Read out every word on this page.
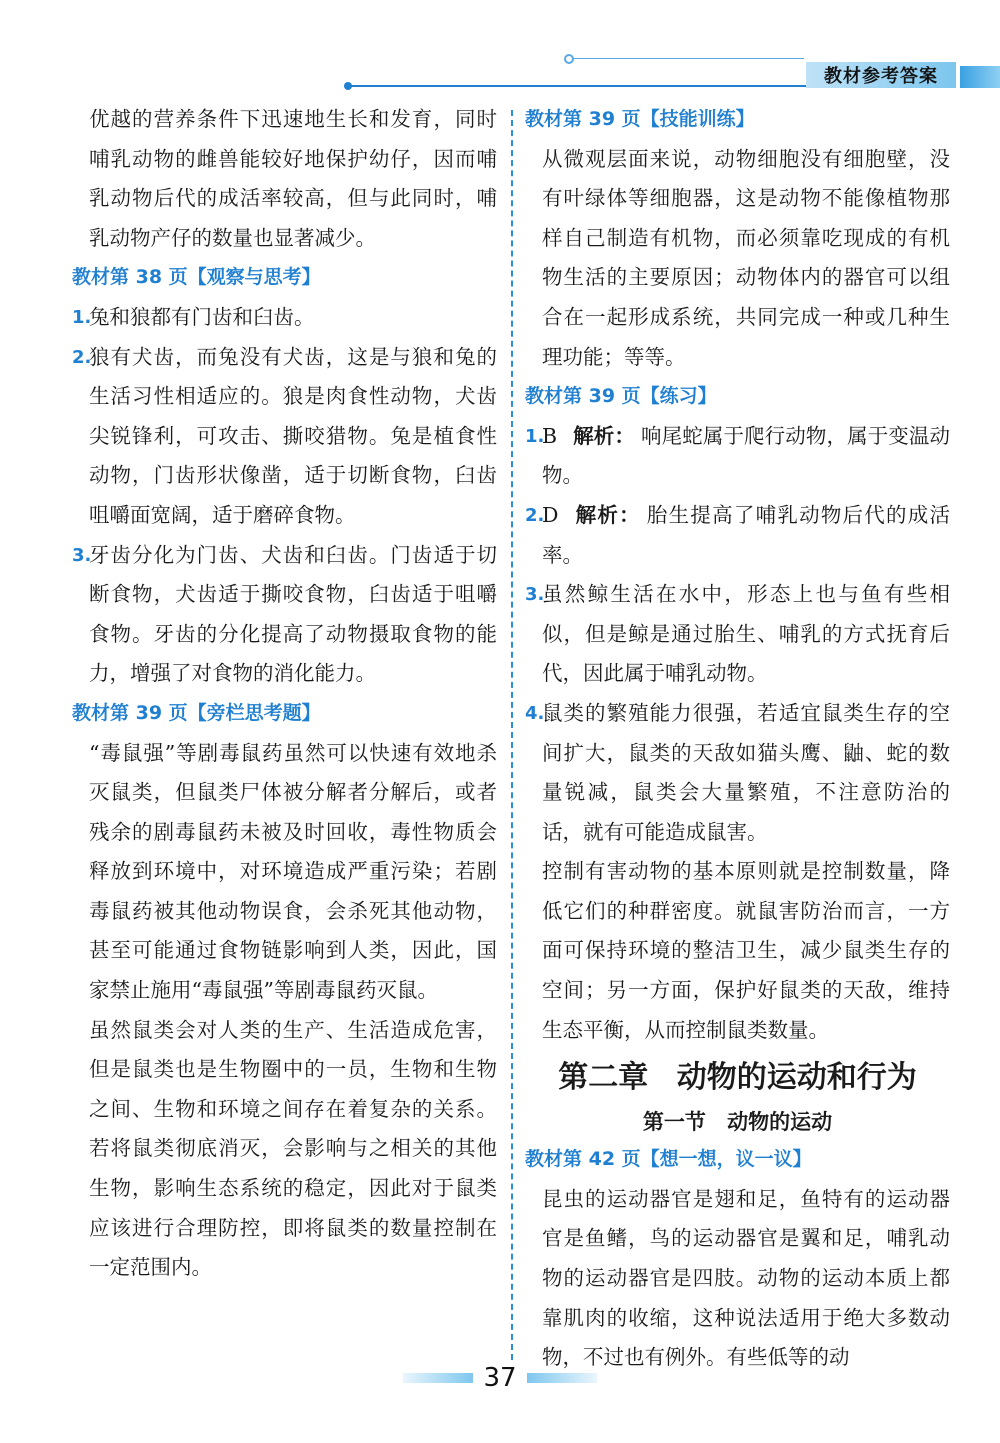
教材参考答案

优越的营养条件下迅速地生长和发育，同时哺乳动物的雌兽能较好地保护幼仔，因而哺乳动物后代的成活率较高，但与此同时，哺乳动物产仔的数量也显著减少。

教材第 38 页【观察与思考】

1.
兔和狼都有门齿和臼齿。
2.
狼有犬齿，而兔没有犬齿，这是与狼和兔的生活习性相适应的。狼是肉食性动物，犬齿尖锐锋利，可攻击、撕咬猎物。兔是植食性动物，门齿形状像凿，适于切断食物，臼齿咀嚼面宽阔，适于磨碎食物。
3.
牙齿分化为门齿、犬齿和臼齿。门齿适于切断食物，犬齿适于撕咬食物，臼齿适于咀嚼食物。牙齿的分化提高了动物摄取食物的能力，增强了对食物的消化能力。

教材第 39 页【旁栏思考题】

“毒鼠强”等剧毒鼠药虽然可以快速有效地杀灭鼠类，但鼠类尸体被分解者分解后，或者残余的剧毒鼠药未被及时回收，毒性物质会释放到环境中，对环境造成严重污染；若剧毒鼠药被其他动物误食，会杀死其他动物，甚至可能通过食物链影响到人类，因此，国家禁止施用“毒鼠强”等剧毒鼠药灭鼠。

虽然鼠类会对人类的生产、生活造成危害，但是鼠类也是生物圈中的一员，生物和生物之间、生物和环境之间存在着复杂的关系。若将鼠类彻底消灭，会影响与之相关的其他生物，影响生态系统的稳定，因此对于鼠类应该进行合理防控，即将鼠类的数量控制在一定范围内。

教材第 39 页【技能训练】

从微观层面来说，动物细胞没有细胞壁，没有叶绿体等细胞器，这是动物不能像植物那样自己制造有机物，而必须靠吃现成的有机物生活的主要原因；动物体内的器官可以组合在一起形成系统，共同完成一种或几种生理功能；等等。

教材第 39 页【练习】

1.
B 解析： 响尾蛇属于爬行动物，属于变温动物。
2.
D 解析： 胎生提高了哺乳动物后代的成活率。
3.
虽然鲸生活在水中，形态上也与鱼有些相似，但是鲸是通过胎生、哺乳的方式抚育后代，因此属于哺乳动物。
4.
鼠类的繁殖能力很强，若适宜鼠类生存的空间扩大，鼠类的天敌如猫头鹰、鼬、蛇的数量锐减，鼠类会大量繁殖，不注意防治的话，就有可能造成鼠害。

控制有害动物的基本原则就是控制数量，降低它们的种群密度。就鼠害防治而言，一方面可保持环境的整洁卫生，减少鼠类生存的空间；另一方面，保护好鼠类的天敌，维持生态平衡，从而控制鼠类数量。

第二章 动物的运动和行为
第一节 动物的运动

教材第 42 页【想一想，议一议】

昆虫的运动器官是翅和足，鱼特有的运动器官是鱼鳍，鸟的运动器官是翼和足，哺乳动物的运动器官是四肢。动物的运动本质上都靠肌肉的收缩，这种说法适用于绝大多数动物，不过也有例外。有些低等的动

37
